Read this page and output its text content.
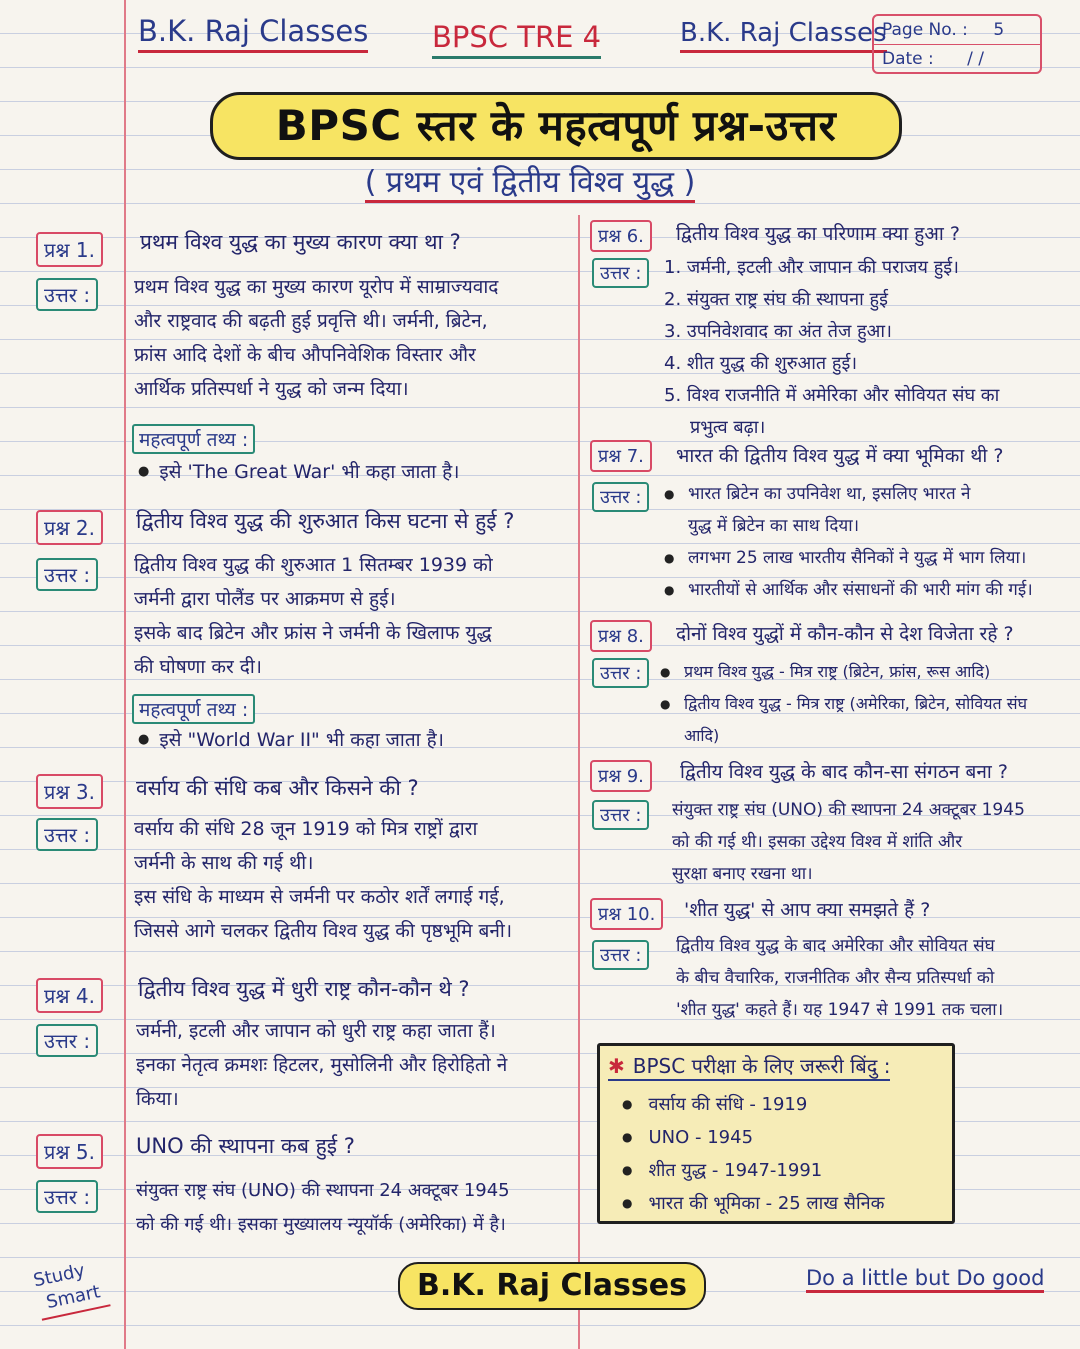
B.K. Raj Classes BPSC TRE 4	B.K. Raj Classes
Page No. : 5
Date : / /
BPSC स्तर के महत्वपूर्ण प्रश्न-उत्तर
( प्रथम एवं द्वितीय विश्व युद्ध )
प्रश्न 1.	प्रथम विश्व युद्ध का मुख्य कारण क्या था ?
उत्तर :	प्रथम विश्व युद्ध का मुख्य कारण यूरोप में साम्राज्यवाद

और राष्ट्रवाद की बढ़ती हुई प्रवृत्ति थी। जर्मनी, ब्रिटेन,

फ्रांस आदि देशों के बीच औपनिवेशिक विस्तार और

आर्थिक प्रतिस्पर्धा ने युद्ध को जन्म दिया।

महत्वपूर्ण तथ्य :
● इसे 'The Great War' भी कहा जाता है।
प्रश्न 2.	द्वितीय विश्व युद्ध की शुरुआत किस घटना से हुई ?
उत्तर :	द्वितीय विश्व युद्ध की शुरुआत 1 सितम्बर 1939 को

जर्मनी द्वारा पोलैंड पर आक्रमण से हुई।

इसके बाद ब्रिटेन और फ्रांस ने जर्मनी के खिलाफ युद्ध

की घोषणा कर दी।

महत्वपूर्ण तथ्य :
● इसे "World War II" भी कहा जाता है।
प्रश्न 3.	वर्साय की संधि कब और किसने की ?
उत्तर :	वर्साय की संधि 28 जून 1919 को मित्र राष्ट्रों द्वारा

जर्मनी के साथ की गई थी।

इस संधि के माध्यम से जर्मनी पर कठोर शर्तें लगाई गई,

जिससे आगे चलकर द्वितीय विश्व युद्ध की पृष्ठभूमि बनी।

प्रश्न 4.	द्वितीय विश्व युद्ध में धुरी राष्ट्र कौन-कौन थे ?
उत्तर :	जर्मनी, इटली और जापान को धुरी राष्ट्र कहा जाता हैं।

इनका नेतृत्व क्रमशः हिटलर, मुसोलिनी और हिरोहितो ने

किया।

प्रश्न 5.	UNO की स्थापना कब हुई ?
उत्तर :	संयुक्त राष्ट्र संघ (UNO) की स्थापना 24 अक्टूबर 1945

को की गई थी। इसका मुख्यालय न्यूयॉर्क (अमेरिका) में है।

प्रश्न 6.	द्वितीय विश्व युद्ध का परिणाम क्या हुआ ?
उत्तर :	1. जर्मनी, इटली और जापान की पराजय हुई।
2. संयुक्त राष्ट्र संघ की स्थापना हुई
3. उपनिवेशवाद का अंत तेज हुआ।
4. शीत युद्ध की शुरुआत हुई।
5. विश्व राजनीति में अमेरिका और सोवियत संघ का
प्रभुत्व बढ़ा।
प्रश्न 7.	भारत की द्वितीय विश्व युद्ध में क्या भूमिका थी ?
उत्तर :	● भारत ब्रिटेन का उपनिवेश था, इसलिए भारत ने
युद्ध में ब्रिटेन का साथ दिया।
● लगभग 25 लाख भारतीय सैनिकों ने युद्ध में भाग लिया।
● भारतीयों से आर्थिक और संसाधनों की भारी मांग की गई।
प्रश्न 8.	दोनों विश्व युद्धों में कौन-कौन से देश विजेता रहे ?
उत्तर :	● प्रथम विश्व युद्ध - मित्र राष्ट्र (ब्रिटेन, फ्रांस, रूस आदि)
● द्वितीय विश्व युद्ध - मित्र राष्ट्र (अमेरिका, ब्रिटेन, सोवियत संघ
आदि)
प्रश्न 9.	द्वितीय विश्व युद्ध के बाद कौन-सा संगठन बना ?
उत्तर :	संयुक्त राष्ट्र संघ (UNO) की स्थापना 24 अक्टूबर 1945

को की गई थी। इसका उद्देश्य विश्व में शांति और

सुरक्षा बनाए रखना था।

प्रश्न 10.	'शीत युद्ध' से आप क्या समझते हैं ?
उत्तर :	द्वितीय विश्व युद्ध के बाद अमेरिका और सोवियत संघ

के बीच वैचारिक, राजनीतिक और सैन्य प्रतिस्पर्धा को

'शीत युद्ध' कहते हैं। यह 1947 से 1991 तक चला।

✱ BPSC परीक्षा के लिए जरूरी बिंदु :
● वर्साय की संधि - 1919
● UNO - 1945
● शीत युद्ध - 1947-1991
● भारत की भूमिका - 25 लाख सैनिक
Study
Smart	B.K. Raj Classes	Do a little but Do good
